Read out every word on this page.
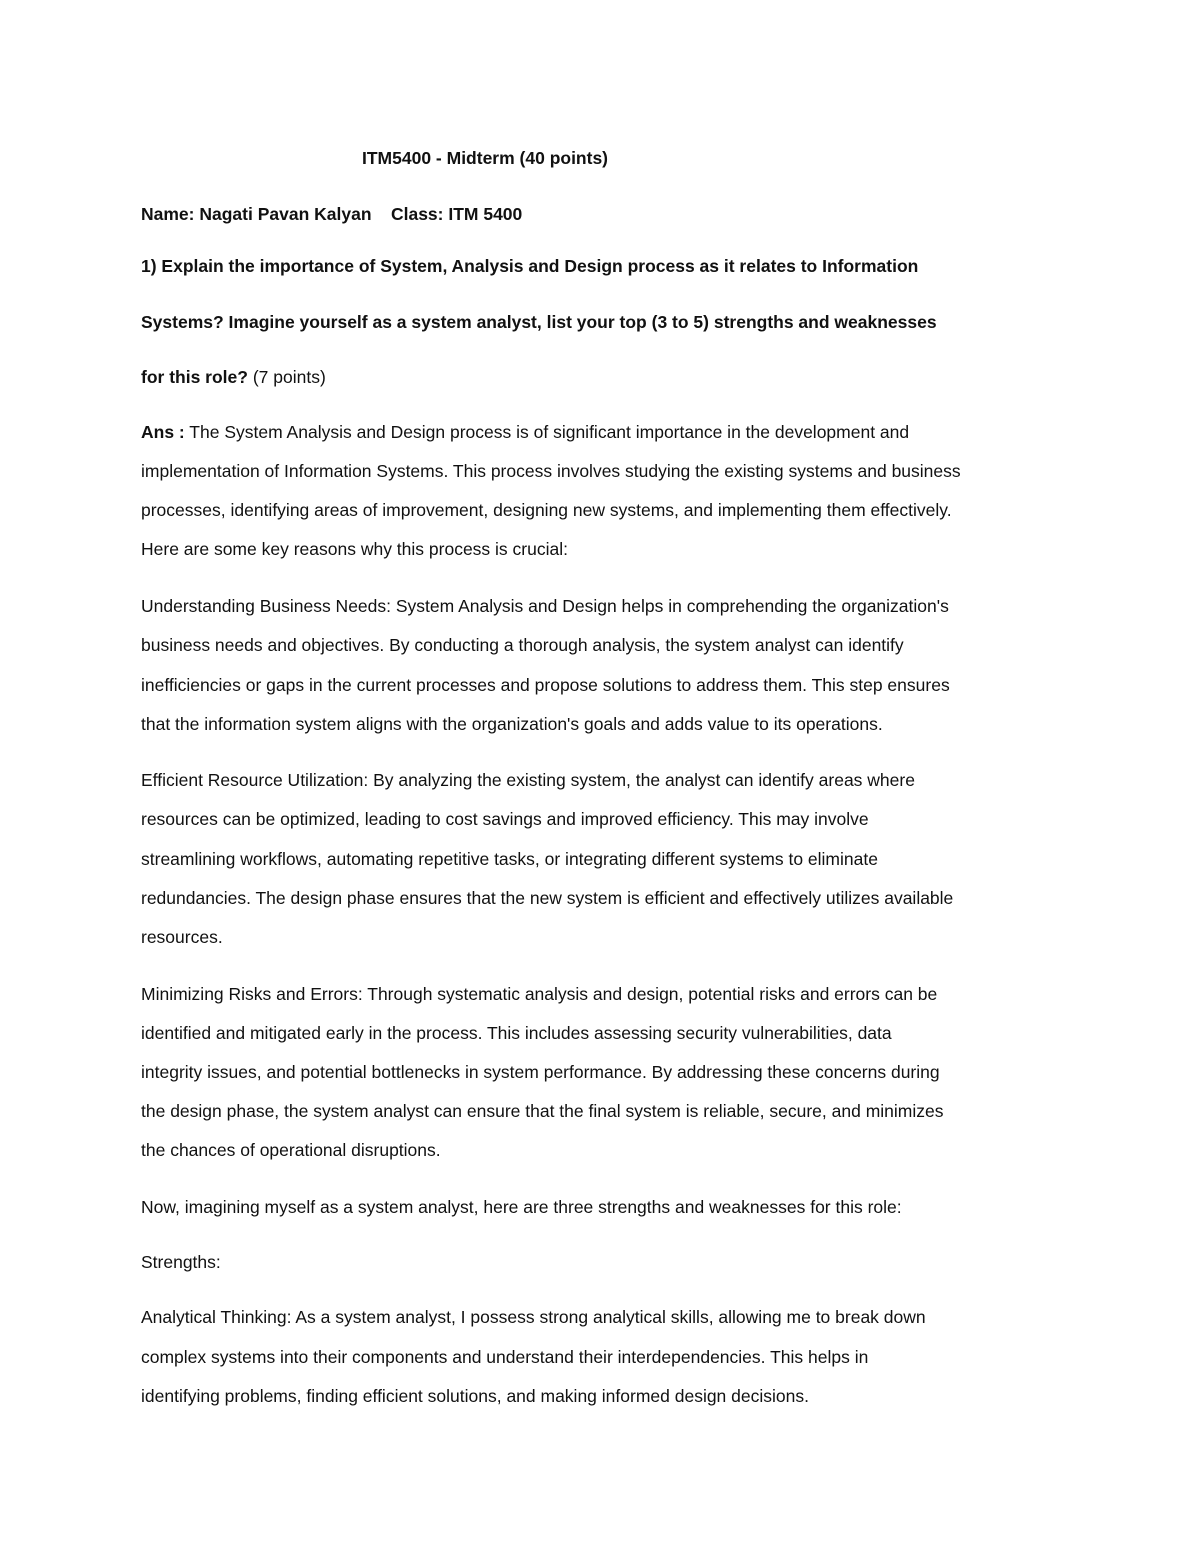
ITM5400 - Midterm (40 points)

Name: Nagati Pavan Kalyan    Class: ITM 5400

1) Explain the importance of System, Analysis and Design process as it relates to Information

Systems? Imagine yourself as a system analyst, list your top (3 to 5) strengths and weaknesses

for this role? (7 points)

Ans : The System Analysis and Design process is of significant importance in the development and

implementation of Information Systems. This process involves studying the existing systems and business

processes, identifying areas of improvement, designing new systems, and implementing them effectively.

Here are some key reasons why this process is crucial:

Understanding Business Needs: System Analysis and Design helps in comprehending the organization's

business needs and objectives. By conducting a thorough analysis, the system analyst can identify

inefficiencies or gaps in the current processes and propose solutions to address them. This step ensures

that the information system aligns with the organization's goals and adds value to its operations.

Efficient Resource Utilization: By analyzing the existing system, the analyst can identify areas where

resources can be optimized, leading to cost savings and improved efficiency. This may involve

streamlining workflows, automating repetitive tasks, or integrating different systems to eliminate

redundancies. The design phase ensures that the new system is efficient and effectively utilizes available

resources.

Minimizing Risks and Errors: Through systematic analysis and design, potential risks and errors can be

identified and mitigated early in the process. This includes assessing security vulnerabilities, data

integrity issues, and potential bottlenecks in system performance. By addressing these concerns during

the design phase, the system analyst can ensure that the final system is reliable, secure, and minimizes

the chances of operational disruptions.

Now, imagining myself as a system analyst, here are three strengths and weaknesses for this role:

Strengths:

Analytical Thinking: As a system analyst, I possess strong analytical skills, allowing me to break down

complex systems into their components and understand their interdependencies. This helps in

identifying problems, finding efficient solutions, and making informed design decisions.
